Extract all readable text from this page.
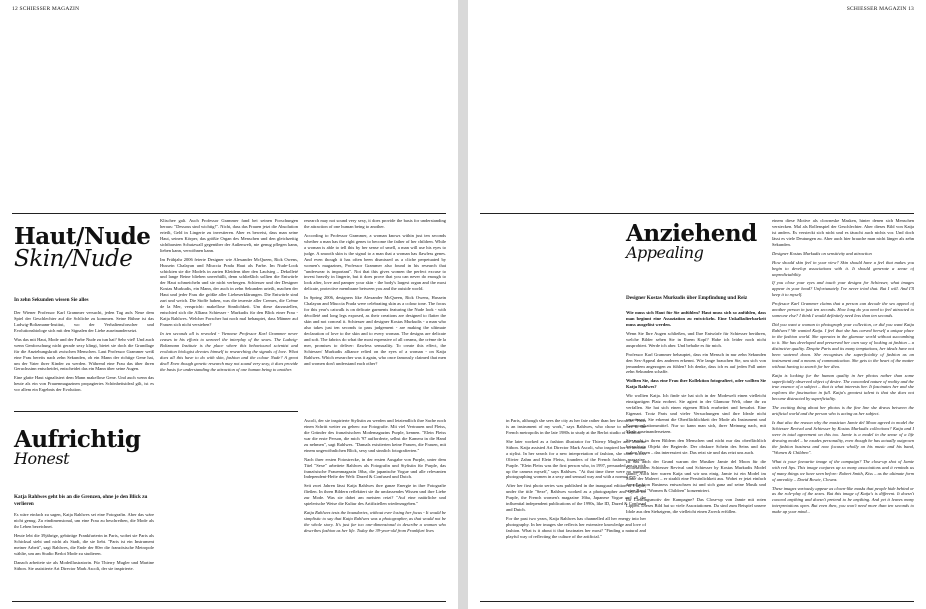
12 SCHIESSER MAGAZIN
Haut/Nude
Skin/Nude
In zehn Sekunden wissen Sie alles

Der Wiener Professor Karl Grammer versucht, jeden Tag aufs Neue dem Spiel der Geschlechter auf die Schliche zu kommen. Seine Bühne ist das Ludwig-Boltzmann-Institut, wo der Verhaltensforscher und Evolutionsbiologe sich mit den Signalen der Liebe auseinandersetzt.

Was das mit Haut, Mode und der Farbe Nude zu tun hat? Sehr viel! Und auch wenn Genforschung nicht gerade sexy klingt, bietet sie doch die Grundlage für die Anziehungskraft zwischen Menschen. Laut Professor Grammer weiß eine Frau bereits nach zehn Sekunden, ob ein Mann der richtige Gene hat, um der Vater ihrer Kinder zu werden. Während eine Frau das über ihren Geruchssinn entscheidet, entscheidet das ein Mann über seine Augen.

Eine glatte Haut signalisiert dem Mann makellose Gene. Und auch wenn das heute als ein von Frauenmagazinen propagiertes Schönheitsideal gilt, ist es vor allem ein Ergebnis der Evolution.

Klischee galt. Auch Professor Grammer fand bei seinen Forschungen heraus: "Dessous sind wichtig!". Nicht, dass das Frauen jetzt die Absolution erteilt, Geld in Lingerie zu investieren. Aber es beweist, dass man seine Haut, seinen Körper, das größte Organ des Menschen und den gleichzeitig sichtbarsten Schutzwall gegenüber der Außenwelt, nie genug pflegen kann, lieben kann, verwöhnen kann.

Im Frühjahr 2006 feierte Designer wie Alexander McQueen, Rick Owens, Hussein Chalayan und Miuccia Prada Haut als Farbe. Im Nude-Look schickten sie die Models in zarten Kleidern über den Laufsteg – Dekolleté und lange Beine blieben unverhüllt, denn schließlich sollten die Entwürfe der Haut schmeicheln und sie nicht verbergen. Schiesser und der Designer Kostas Murkudis, ein Mann, der auch in zehn Sekunden urteilt, machen der Haut und jeder Frau die größte aller Liebeserklärungen. Die Entwürfe sind zart und weich. Die Stoffe haben, was die teuerste aller Cremes, die Créme de la Mer, verspricht: makellose Sinnlichkeit. Um diese darzustellen, entschied sich die Allianz Schiesser - Murkudis für den Blick einer Frau - Katja Rahlwes. Welcher Forscher hat noch mal behauptet, dass Männer auf Frauen sich nicht verstehen?

In ten seconds all is revealed - Viennese Professor Karl Grammer never ceases in his efforts to unravel the interplay of the sexes. The Ludwig-Boltzmann Institute is the place where this behavioural scientist and evolution biologist devotes himself to researching the signals of love. What does all this have to do with skin, fashion and the colour Nude? A great deal! Even though genetic research may not sound very sexy, it does provide the basis for understanding the attraction of one human being to another.

research may not sound very sexy, it does provide the basis for understanding the attraction of one human being to another.

According to Professor Grammer, a woman knows within just ten seconds whether a man has the right genes to become the father of her children. While a woman is able to tell this by her sense of smell, a man will use his eyes to judge. A smooth skin is the signal to a man that a woman has flawless genes. And even though it has often been dismissed as a cliche perpetuated by women's magazines, Professor Grammer also found in his research that "underwear is important". Not that this gives women the perfect excuse to invest heavily in lingerie, but it does prove that you can never do enough to look after, love and pamper your skin - the body's largest organ and the most delicate, protective membrane between you and the outside world.

In Spring 2006, designers like Alexander McQueen, Rick Owens, Hussein Chalayan and Miuccia Prada were celebrating skin as a colour tone. The focus for this year's catwalk is on delicate garments featuring the Nude look - with décolleté and long legs exposed, as their creations are designed to flatter the skin and not conceal it. Schiesser and designer Kostas Murkudis - a man who also takes just ten seconds to pass judgement - are making the ultimate declaration of love to the skin and to every woman. The designs are delicate and soft. The fabrics do what the most expensive of all creams, the crème de la mer, promises to deliver: flawless sensuality. To create this effect, the Schiesser/ Murkudis alliance relied on the eyes of a woman - on Katja Rahlwes. Which researcher was it again, who once famously claimed that men and women don't understand each other?

Aufrichtig
Honest
Katja Rahlwes geht bis an die Grenzen, ohne je den Blick zu verlieren

Es wäre einfach zu sagen, Katja Rahlwes sei eine Fotografin. Aber das wäre nicht genug. Zu eindimensional, um eine Frau zu beschreiben, die Mode als ihr Leben bezeichnet.

Heute lebt die 39jährige, gebürtige Frankfurterin in Paris, wobei sie Paris als Schicksal sieht und nicht als Stadt, die sie liebt. "Paris ist ein Instrument meiner Arbeit", sagt Rahlwes, die Ende der 80er die französische Metropole wählte, um am Studio Berlot Mode zu studieren.

Danach arbeitete sie als Modeillustratorin. Für Thierry Mugler und Martine Sitbon. Sie assistierte Art Director Mark Ascoli, der sie inspirierte.

Ascoli, der sie inspirierte Stylistin zu werden und letztendlich ihre Sache noch einen Schritt weiter zu gehen: zur Fotografie. Mit viel Vertrauen und Fleiss, die Gründer des französischen Modemagazins Purple, kennen. "Elein Fleiss war die erste Person, die mich '97 aufforderte, selbst die Kamera in die Hand zu nehmen", sagt Rahlwes. "Damals existierten keine Frauen, die Frauen, mit einem ungewöhnlichen Blick, sexy und sinnlich fotografierten."

Nach ihrer ersten Fotostrecke, in der ersten Ausgabe von Purple, unter dem Titel "Sexe" arbeitete Rahlwes als Fotografin und Stylistin für Purple, das französische Frauenmagazin 16ba, die japanische Vogue und alle relevanten Independent-Hefte der Welt: Dazed & Confused und Dutch.

Seit zwei Jahren lässt Katja Rahlwes ihre ganze Energie in ihre Fotografie fließen. In ihren Bildern reflektiert sie ihr umfassendes Wissen und ihre Liebe zur Mode. Was sie dabei am meisten reizt? "Auf eine natürliche und spielerische Weise die Kultur des Artifiziellen wiederzugeben."

Katja Rahlwes tests the boundaries, without ever losing her focus - It would be simplistic to say that Katja Rahlwes was a photographer, as that would not be the whole story. It's just far too one-dimensional to describe a woman who describes fashion as her life. Today the 39-year-old from Frankfurt lives

SCHIESSER MAGAZIN 13

in Paris, although she sees the city as her fate rather than her favourite. "Paris is an instrument of my work," says Rahlwes, who chose to move to the French metropolis in the late 1980s to study at the Berlot studio of fashion.

She later worked as a fashion illustrator for Thierry Mugler and Martine Sitbon. Katja assisted Art Director Mark Ascoli, who inspired her to become a stylist. In her search for a new interpretation of fashion, she came across Olivier Zahm and Elein Fleiss, founders of the French fashion magazine, Purple. "Elein Fleiss was the first person who, in 1997, persuaded me to pick up the camera myself," says Rahlwes. "At that time there were no women photographing women in a sexy and sensual way and with a normal eye."

After her first photo series was published in the inaugural edition of Purple, under the title "Sexe", Rahlwes worked as a photographer and stylist for Purple, the French women's magazine 16ba, Japanese Vogue and all the influential independent publications of the 1990s, like ID, Dazed & Confused and Dutch.

For the past two years, Katja Rahlwes has channelled all her energy into her photography. In her images she reflects her extensive knowledge and love of fashion. What is it about it that fascinates her most? "Finding a natural and playful way of reflecting the culture of the artificial."

Anziehend
Appealing
Designer Kostas Murkudis über Empfindung und Reiz

Wie muss sich Haut für Sie anfühlen? Haut muss sich so anfühlen, dass man beginnt eine Assoziation zu entwickeln. Eine Unkalkulierbarkeit muss ausgelöst werden.

Wenn Sie Ihre Augen schließen, und Ihre Entwürfe für Schiesser berühren, welche Bilder sehen Sie in Ihrem Kopf? Habe ich leider noch nicht ausprobiert. Werde ich aber. Und behalte es für mich.

Professor Karl Grammer behauptet, dass ein Mensch in nur zehn Sekunden den Sex-Appeal des anderen erkennt. Wie lange brauchen Sie, um sich von jemandem angezogen zu fühlen? Ich denke, dass ich es auf jeden Fall unter zehn Sekunden schaffe.

Wollten Sie, dass eine Frau ihre Kollektion fotografiert, oder wollten Sie Katja Rahlwes?

Wir wollten Katja. Ich finde sie hat sich in der Modewelt einen vielleicht einzigartigen Platz erobert. Sie agiert in der Glamour Welt, ohne ihr zu verfallen. Sie hat sich einen eigenen Blick erarbeitet und bewahrt. Eine Eigenart. Trotz Paris und vieler Versuchungen sind ihre Ideale nicht verwässert. Sie erkennt die Oberflächlichkeit der Mode als Instrument und Kommunikationsmittel. Nur so kann man sich, ihrer Meinung nach, mit Mode auseinandersetzen.

Sie sucht in ihren Bildern den Menschen und nicht nur das oberflächlich betrachtete Objekt der Begierde. Der obskure Schein des Seins und das wahre Wesen – das interessiert sie. Das reizt sie und das reizt uns auch.

Ist das auch der Grund warum der Musiker Jamie del Moon für die Kollektionen Schiesser Revival und Schiesser by Kostas Murkudis Model stand? Auch hier waren Katja und wir uns einig. Jamie ist ein Model im Sinne der Malerei – er strahlt eine Persönlichkeit aus. Wobei er jetzt einfach dem Fashion Business entwachsen ist und sich ganz auf seine Musik und seine Band "Women & Children" konzentriert.

Ihr Lieblingsmotiv der Kampagne? Das Close-up von Jamie mit roten Lippen. Dieses Bild hat so viele Assoziationen. Da sind zum Beispiel unsere Idole aus den Siebzigern, die vielleicht einen Zweck erfüllen.

einem diese Motive als clowneske Masken, hinter denen sich Menschen verstecken. Mal als Rollenspiel der Geschlechter. Aber dieses Bild von Katja ist anders. Es versteckt sich nicht und es täuscht auch nichts vor. Und doch lässt es viele Deutungen zu. Aber auch hier brauche man nicht länger als zehn Sekunden.

Designer Kostas Murkudis on sensitivity and attraction

How should skin feel in your view? Skin should have a feel that makes you begin to develop associations with it. It should generate a sense of unpredictability.

If you close your eyes and touch your designs for Schiesser, what images appear in your head? Unfortunately I've never tried that. But I will. And I'll keep it to myself.

Professor Karl Grammer claims that a person can decode the sex appeal of another person in just ten seconds. How long do you need to feel attracted to someone else? I think I would definitely need less than ten seconds.

Did you want a woman to photograph your collection, or did you want Katja Rahlwes? We wanted Katja. I feel that she has carved herself a unique place in the fashion world. She operates in the glamour world without succumbing to it. She has developed and preserved her own way of looking at fashion – a distinctive quality. Despite Paris and its many temptations, her ideals have not been watered down. She recognises the superficiality of fashion as an instrument and a means of communication. She gets to the heart of the matter without having to search for her diva.

Katja is looking for the human quality in her photos rather than some superficially observed object of desire. The concealed nature of reality and the true essence of a subject – that is what interests her. It fascinates her and she explores the fascination in full. Katja's greatest talent is that she does not become distracted by superficiality.

The exciting thing about her photos is the fine line she draws between the artificial world and the person who is acting as her subject.

Is that also the reason why the musician Jamie del Moon agreed to model the Schiesser Revival and Schiesser by Kostas Murkudis collections? Katja and I were in total agreement on this too. Jamie is a model in the sense of a life drawing model – he exudes personality, even though he has actually outgrown the fashion business and now focuses wholly on his music and his band, "Women & Children".

What is your favourite image of the campaign? The close-up shot of Jamie with red lips. This image conjures up so many associations and it reminds us of many things we have seen before: Robert Smith, Kiss – as the ultimate form of unreality – David Bowie, Clowns.

These images variously appear as clown-like masks that people hide behind or as the role-play of the sexes. But this image of Katja's is different. It doesn't conceal anything and doesn't pretend to be anything. And yet it leaves many interpretations open. But even then, you won't need more than ten seconds to make up your mind...
